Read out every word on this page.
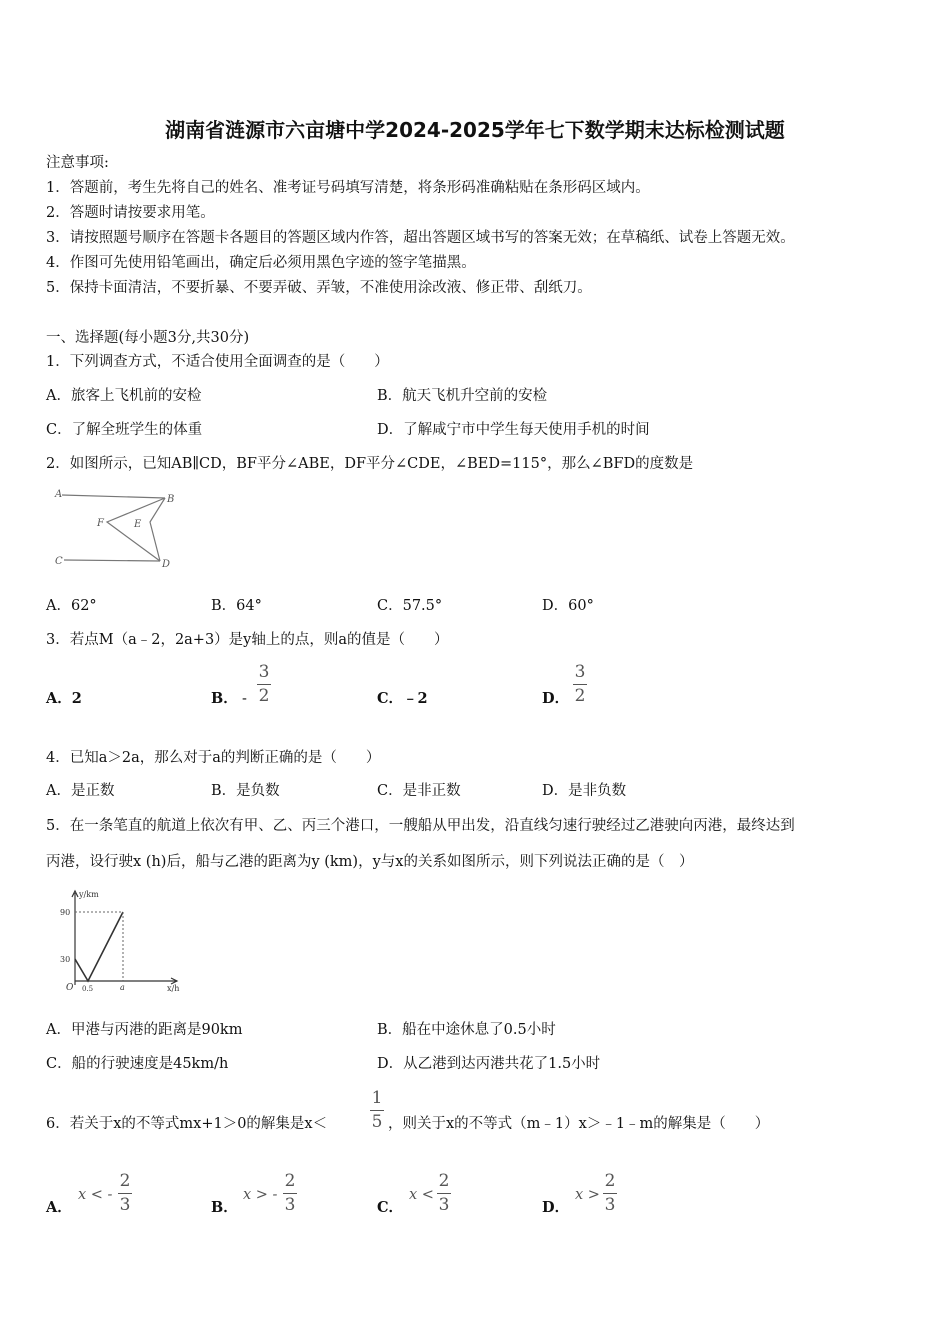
湖南省涟源市六亩塘中学2024-2025学年七下数学期末达标检测试题
注意事项:
1．答题前，考生先将自己的姓名、准考证号码填写清楚，将条形码准确粘贴在条形码区域内。
2．答题时请按要求用笔。
3．请按照题号顺序在答题卡各题目的答题区域内作答，超出答题区域书写的答案无效；在草稿纸、试卷上答题无效。
4．作图可先使用铅笔画出，确定后必须用黑色字迹的签字笔描黑。
5．保持卡面清洁，不要折暴、不要弄破、弄皱，不准使用涂改液、修正带、刮纸刀。
一、选择题(每小题3分,共30分)
1．下列调查方式，不适合使用全面调查的是（　　）
A．旅客上飞机前的安检	B．航天飞机升空前的安检
C．了解全班学生的体重	D．了解咸宁市中学生每天使用手机的时间
2．如图所示，已知AB∥CD，BF平分∠ABE，DF平分∠CDE，∠BED=115°，那么∠BFD的度数是
A	B
C	D
E
F
A．62°	B．64°	C．57.5°	D．60°
3．若点M（a﹣2，2a+3）是y轴上的点，则a的值是（　　）
A．2	B． -
3
2	C．﹣2	D．
3
2
4．已知a＞2a，那么对于a的判断正确的是（　　）
A．是正数	B．是负数	C．是非正数	D．是非负数
5．在一条笔直的航道上依次有甲、乙、丙三个港口，一艘船从甲出发，沿直线匀速行驶经过乙港驶向丙港，最终达到
丙港，设行驶x (h)后，船与乙港的距离为y (km)，y与x的关系如图所示，则下列说法正确的是（　）
y/km
x/h
90
30
O 0.5	a
A．甲港与丙港的距离是90km	B．船在中途休息了0.5小时
C．船的行驶速度是45km/h	D．从乙港到达丙港共花了1.5小时
6．若关于x的不等式mx+1＞0的解集是x＜
1
5 ，则关于x的不等式（m﹣1）x＞﹣1﹣m的解集是（　　）
A．
x < -
2
3	B．
x > -
2
3	C．
x <
2
3	D．
x >
2
3
